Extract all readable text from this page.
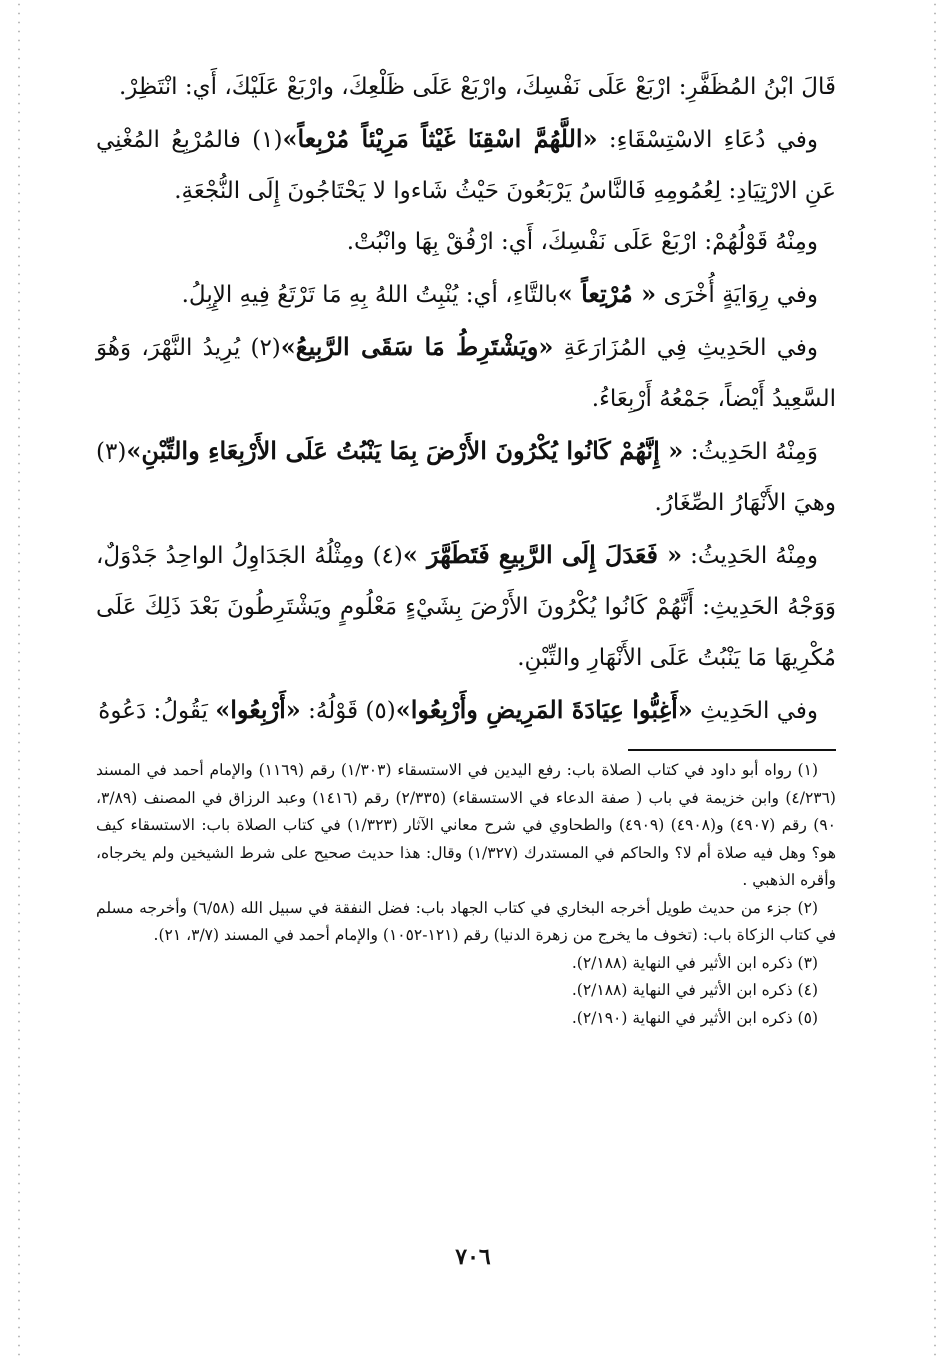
قَالَ ابْنُ المُظَفَّرِ: ارْبَعْ عَلَى نَفْسِكَ، وارْبَعْ عَلَى ظَلْعِكَ، وارْبَعْ عَلَيْكَ، أَي: انْتَظِرْ.

وفي دُعَاءِ الاسْتِسْقَاءِ: «اللَّهُمَّ اسْقِنَا غَيْثاً مَرِيْئاً مُرْبِعاً»(١) فالمُرْبِعُ المُغْنِي عَنِ الارْتِيَادِ: لِعُمُومِهِ فَالنَّاسُ يَرْبَعُونَ حَيْثُ شَاءوا لا يَحْتَاجُونَ إِلَى النُّجْعَةِ.

ومِنْهُ قَوْلُهُمْ: ارْبَعْ عَلَى نَفْسِكَ، أَي: ارْفُقْ بِهَا وانْبُتْ.

وفي رِوَايَةٍ أُخْرَى « مُرْتِعاً »بالتَّاءِ، أي: يُنْبِتُ اللهُ بِهِ مَا تَرْتَعُ فِيهِ الإِبِلُ.

وفي الحَدِيثِ فِي المُزَارَعَةِ «ويَشْتَرِطُ مَا سَقَى الرَّبِيعُ»(٢) يُرِيدُ النَّهْرَ، وَهُوَ السَّعِيدُ أَيْضاً، جَمْعُهُ أَرْبِعَاءُ.

وَمِنْهُ الحَدِيثُ: « إِنَّهُمْ كَانُوا يُكْرُونَ الأَرْضَ بِمَا يَنْبُتُ عَلَى الأَرْبِعَاءِ والتِّبْنِ»(٣) وهيَ الأَنْهَارُ الصِّغَارُ.

ومِنْهُ الحَدِيثُ: « فَعَدَلَ إِلَى الرَّبِيعِ فَتَطَهَّرَ »(٤) ومِثْلُهُ الجَدَاوِلُ الواحِدُ جَدْوَلٌ، وَوَجْهُ الحَدِيثِ: أَنَّهُمْ كَانُوا يُكْرُونَ الأَرْضَ بِشَيْءٍ مَعْلُومٍ ويَشْتَرِطُونَ بَعْدَ ذَلِكَ عَلَى مُكْرِيهَا مَا يَنْبُتُ عَلَى الأَنْهَارِ والتِّبْنِ.

وفي الحَدِيثِ «أَغِبُّوا عِيَادَةَ المَرِيضِ وأَرْبِعُوا»(٥) قَوْلُهُ: «أَرْبِعُوا» يَقُولُ: دَعُوهُ

(١) رواه أبو داود في كتاب الصلاة باب: رفع اليدين في الاستسقاء (١/٣٠٣) رقم (١١٦٩) والإمام أحمد في المسند (٤/٢٣٦) وابن خزيمة في باب ( صفة الدعاء في الاستسقاء) (٢/٣٣٥) رقم (١٤١٦) وعبد الرزاق في المصنف (٣/٨٩، ٩٠) رقم (٤٩٠٧) و(٤٩٠٨) (٤٩٠٩) والطحاوي في شرح معاني الآثار (١/٣٢٣) في كتاب الصلاة باب: الاستسقاء كيف هو؟ وهل فيه صلاة أم لا؟ والحاكم في المستدرك (١/٣٢٧) وقال: هذا حديث صحيح على شرط الشيخين ولم يخرجاه، وأقره الذهبي .

(٢) جزء من حديث طويل أخرجه البخاري في كتاب الجهاد باب: فضل النفقة في سبيل الله (٦/٥٨) وأخرجه مسلم في كتاب الزكاة باب: (تخوف ما يخرج من زهرة الدنيا) رقم (١٢١-١٠٥٢) والإمام أحمد في المسند (٣/٧، ٢١).

(٣) ذكره ابن الأثير في النهاية (٢/١٨٨).

(٤) ذكره ابن الأثير في النهاية (٢/١٨٨).

(٥) ذكره ابن الأثير في النهاية (٢/١٩٠).

٧٠٦
